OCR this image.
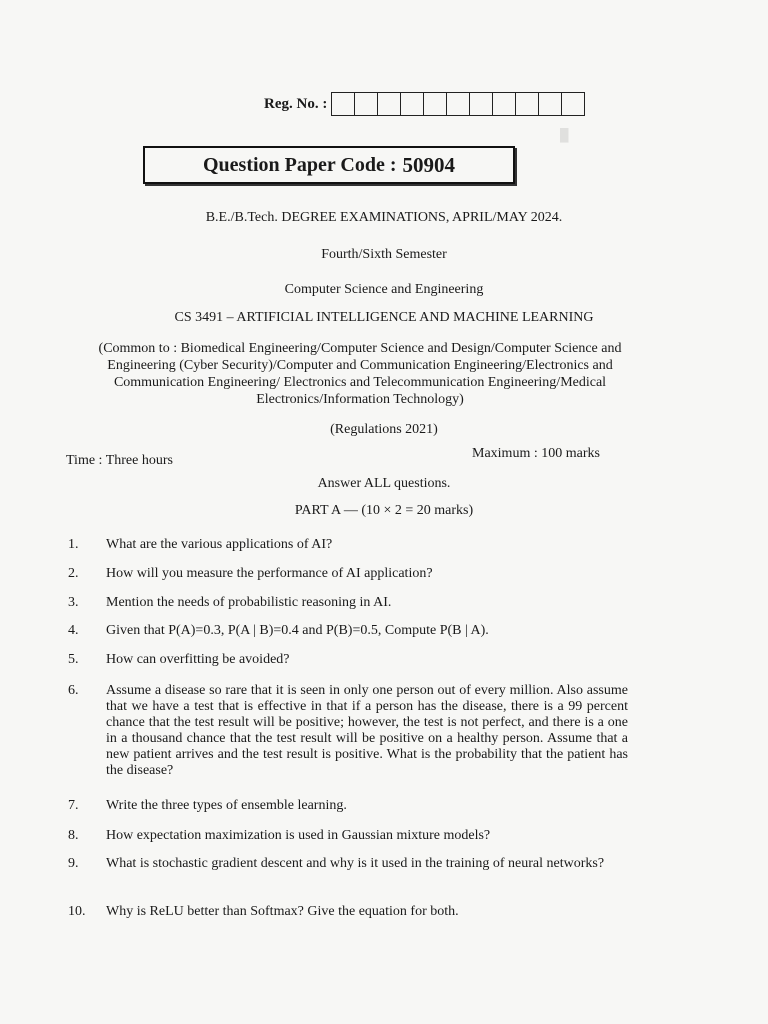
█
Reg. No. :
Question Paper Code : 50904
B.E./B.Tech. DEGREE EXAMINATIONS, APRIL/MAY 2024.
Fourth/Sixth Semester
Computer Science and Engineering
CS 3491 – ARTIFICIAL INTELLIGENCE AND MACHINE LEARNING
(Common to : Biomedical Engineering/Computer Science and Design/Computer Science and Engineering (Cyber Security)/Computer and Communication Engineering/Electronics and Communication Engineering/ Electronics and Telecommunication Engineering/Medical Electronics/Information Technology)
(Regulations 2021)
Time : Three hours	Maximum : 100 marks
Answer ALL questions.
PART A — (10 × 2 = 20 marks)
1.	What are the various applications of AI?
2.	How will you measure the performance of AI application?
3.	Mention the needs of probabilistic reasoning in AI.
4.	Given that P(A)=0.3, P(A | B)=0.4 and P(B)=0.5, Compute P(B | A).
5.	How can overfitting be avoided?
6.	Assume a disease so rare that it is seen in only one person out of every million. Also assume that we have a test that is effective in that if a person has the disease, there is a 99 percent chance that the test result will be positive; however, the test is not perfect, and there is a one in a thousand chance that the test result will be positive on a healthy person. Assume that a new patient arrives and the test result is positive. What is the probability that the patient has the disease?
7.	Write the three types of ensemble learning.
8.	How expectation maximization is used in Gaussian mixture models?
9.	What is stochastic gradient descent and why is it used in the training of neural networks?
10.	Why is ReLU better than Softmax? Give the equation for both.
